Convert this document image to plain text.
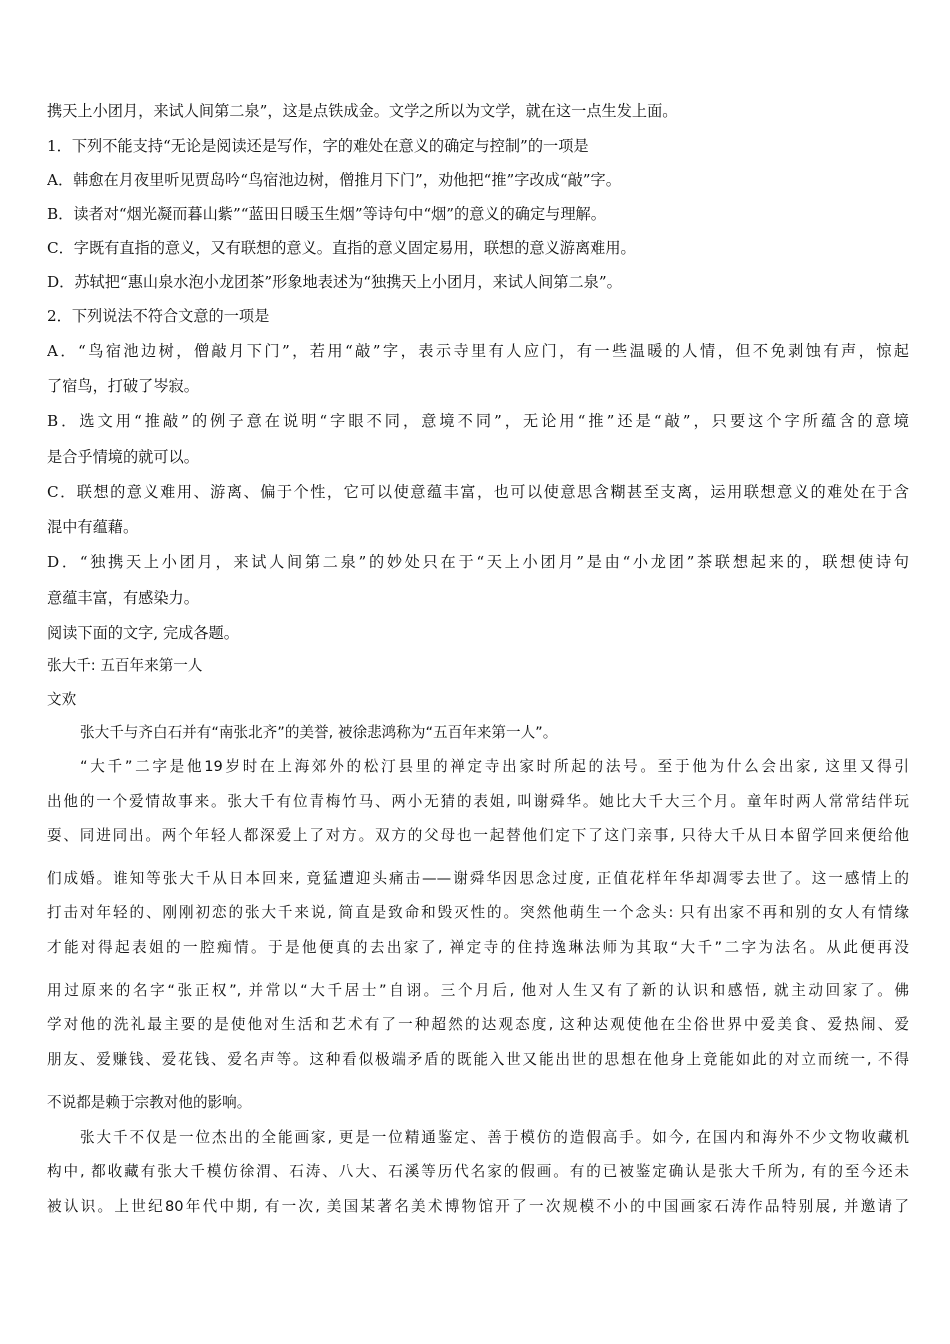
携天上小团月，来试人间第二泉”，这是点铁成金。文学之所以为文学，就在这一点生发上面。

1．下列不能支持“无论是阅读还是写作，字的难处在意义的确定与控制”的一项是

A．韩愈在月夜里听见贾岛吟“鸟宿池边树，僧推月下门”，劝他把“推”字改成“敲”字。

B．读者对“烟光凝而暮山紫”“蓝田日暖玉生烟”等诗句中“烟”的意义的确定与理解。

C．字既有直指的意义，又有联想的意义。直指的意义固定易用，联想的意义游离难用。

D．苏轼把“惠山泉水泡小龙团茶”形象地表述为“独携天上小团月，来试人间第二泉”。

2．下列说法不符合文意的一项是

A．“鸟宿池边树，僧敲月下门”，若用“敲”字，表示寺里有人应门，有一些温暖的人情，但不免剥蚀有声，惊起

了宿鸟，打破了岑寂。

B．选文用“推敲”的例子意在说明“字眼不同，意境不同”，无论用“推”还是“敲”，只要这个字所蕴含的意境

是合乎情境的就可以。

C．联想的意义难用、游离、偏于个性，它可以使意蕴丰富，也可以使意思含糊甚至支离，运用联想意义的难处在于含

混中有蕴藉。

D．“独携天上小团月，来试人间第二泉”的妙处只在于“天上小团月”是由“小龙团”茶联想起来的，联想使诗句

意蕴丰富，有感染力。

阅读下面的文字, 完成各题。

张大千: 五百年来第一人

文欢

张大千与齐白石并有“南张北齐”的美誉, 被徐悲鸿称为“五百年来第一人”。

“大千”二字是他19岁时在上海郊外的松汀县里的禅定寺出家时所起的法号。至于他为什么会出家, 这里又得引

出他的一个爱情故事来。张大千有位青梅竹马、两小无猜的表姐, 叫谢舜华。她比大千大三个月。童年时两人常常结伴玩

耍、同进同出。两个年轻人都深爱上了对方。双方的父母也一起替他们定下了这门亲事, 只待大千从日本留学回来便给他

们成婚。谁知等张大千从日本回来, 竟猛遭迎头痛击——谢舜华因思念过度, 正值花样年华却凋零去世了。这一感情上的

打击对年轻的、刚刚初恋的张大千来说, 简直是致命和毁灭性的。突然他萌生一个念头: 只有出家不再和别的女人有情缘

才能对得起表姐的一腔痴情。于是他便真的去出家了, 禅定寺的住持逸琳法师为其取“大千”二字为法名。从此便再没

用过原来的名字“张正权”, 并常以“大千居士”自诩。三个月后, 他对人生又有了新的认识和感悟, 就主动回家了。佛

学对他的洗礼最主要的是使他对生活和艺术有了一种超然的达观态度, 这种达观使他在尘俗世界中爱美食、爱热闹、爱

朋友、爱赚钱、爱花钱、爱名声等。这种看似极端矛盾的既能入世又能出世的思想在他身上竟能如此的对立而统一, 不得

不说都是赖于宗教对他的影响。

张大千不仅是一位杰出的全能画家, 更是一位精通鉴定、善于模仿的造假高手。如今, 在国内和海外不少文物收藏机

构中, 都收藏有张大千模仿徐渭、石涛、八大、石溪等历代名家的假画。有的已被鉴定确认是张大千所为, 有的至今还未

被认识。上世纪80年代中期, 有一次, 美国某著名美术博物馆开了一次规模不小的中国画家石涛作品特别展, 并邀请了
